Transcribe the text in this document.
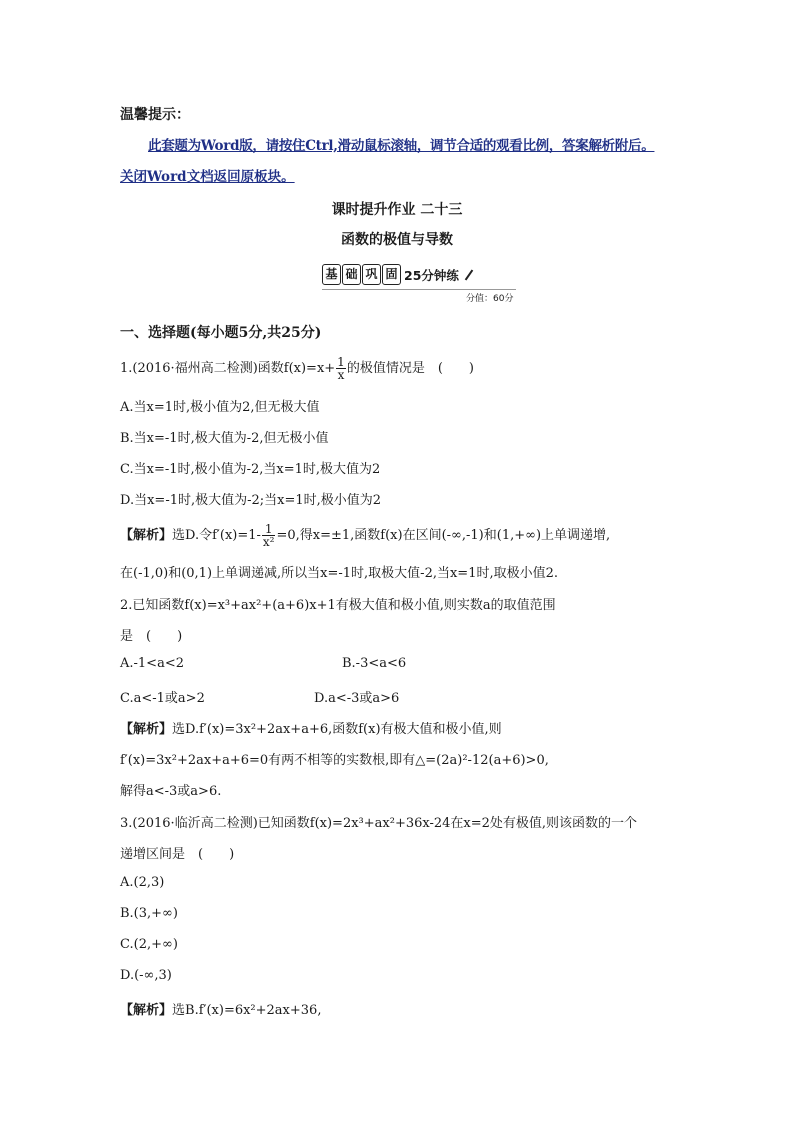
温馨提示：
此套题为Word版，请按住Ctrl,滑动鼠标滚轴，调节合适的观看比例，答案解析附后。
关闭Word文档返回原板块。
课时提升作业 二十三
函数的极值与导数
基 础 巩 固 25分钟练
分值：60分
一、选择题(每小题5分,共25分)
1.(2016·福州高二检测)函数$f(x)=x+ \frac{1}{x}$ 的极值情况是　(　　)
A.当x=1时,极小值为2,但无极大值
B.当x=-1时,极大值为-2,但无极小值
C.当x=-1时,极小值为-2,当x=1时,极大值为2
D.当x=-1时,极大值为-2;当x=1时,极小值为2
【解析】选D.令$f'(x)=1- \frac{1}{\text{x²}} =0$,得x=±1,函数f(x)在区间(-∞,-1)和(1,+∞)上单调递增,
在(-1,0)和(0,1)上单调递减,所以当x=-1时,取极大值-2,当x=1时,取极小值2.
2.已知函数f(x)=x³+ax²+(a+6)x+1有极大值和极小值,则实数a的取值范围
是　(　　)
A.-1<a<2	B.-3<a<6
C.a<-1或a>2	D.a<-3或a>6
【解析】选D.f′(x)=3x²+2ax+a+6,函数f(x)有极大值和极小值,则
f′(x)=3x²+2ax+a+6=0有两不相等的实数根,即有△=(2a)²-12(a+6)>0,
解得a<-3或a>6.
3.(2016·临沂高二检测)已知函数f(x)=2x³+ax²+36x-24在x=2处有极值,则该函数的一个
递增区间是　(　　)
A.(2,3)
B.(3,+∞)
C.(2,+∞)
D.(-∞,3)
【解析】选B.f′(x)=6x²+2ax+36,
